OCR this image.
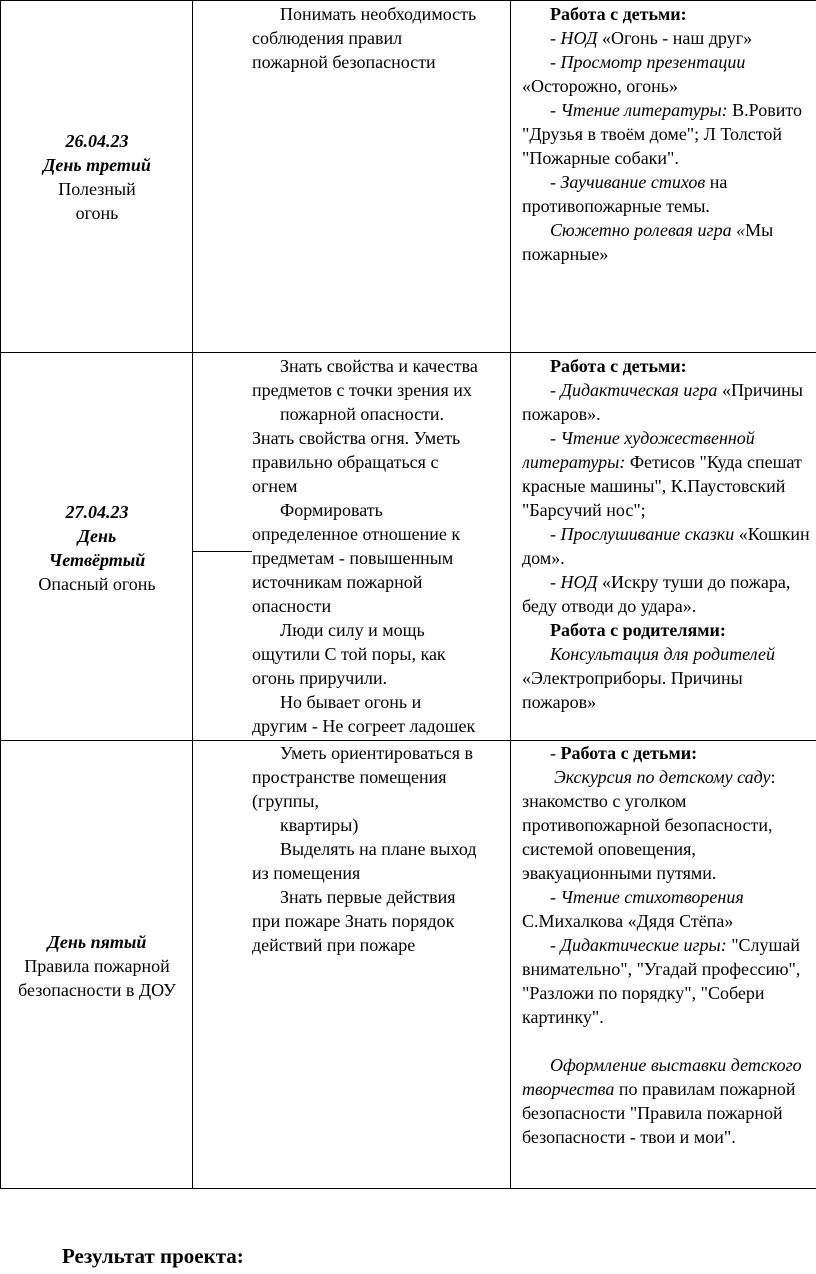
26.04.23

День третий

Полезный

огонь

Понимать необходимость

соблюдения правил

пожарной безопасности

Работа с детьми:

- НОД «Огонь - наш друг»

- Просмотр презентации

«Осторожно, огонь»

- Чтение литературы: В.Ровито

"Друзья в твоём доме"; Л Толстой

"Пожарные собаки".

- Заучивание стихов на

противопожарные темы.

Сюжетно ролевая игра «Мы

пожарные»

27.04.23

День

Четвёртый

Опасный огонь

Знать свойства и качества

предметов с точки зрения их

пожарной опасности.

Знать свойства огня. Уметь

правильно обращаться с

огнем

Формировать

определенное отношение к

предметам - повышенным

источникам пожарной

опасности

Люди силу и мощь

ощутили С той поры, как

огонь приручили.

Но бывает огонь и

другим - Не согреет ладошек

Работа с детьми:

- Дидактическая игра «Причины

пожаров».

- Чтение художественной

литературы: Фетисов "Куда спешат

красные машины", К.Паустовский

"Барсучий нос";

- Прослушивание сказки «Кошкин

дом».

- НОД «Искру туши до пожара,

беду отводи до удара».

Работа с родителями:

Консультация для родителей

«Электроприборы. Причины

пожаров»

День пятый

Правила пожарной

безопасности в ДОУ

Уметь ориентироваться в

пространстве помещения

(группы,

квартиры)

Выделять на плане выход

из помещения

Знать первые действия

при пожаре Знать порядок

действий при пожаре

- Работа с детьми:

Экскурсия по детскому саду:

знакомство с уголком

противопожарной безопасности,

системой оповещения,

эвакуационными путями.

- Чтение стихотворения

С.Михалкова «Дядя Стёпа»

- Дидактические игры: "Слушай

внимательно", "Угадай профессию",

"Разложи по порядку", "Собери

картинку".

Оформление выставки детского

творчества по правилам пожарной

безопасности "Правила пожарной

безопасности - твои и мои".

Результат проекта:
